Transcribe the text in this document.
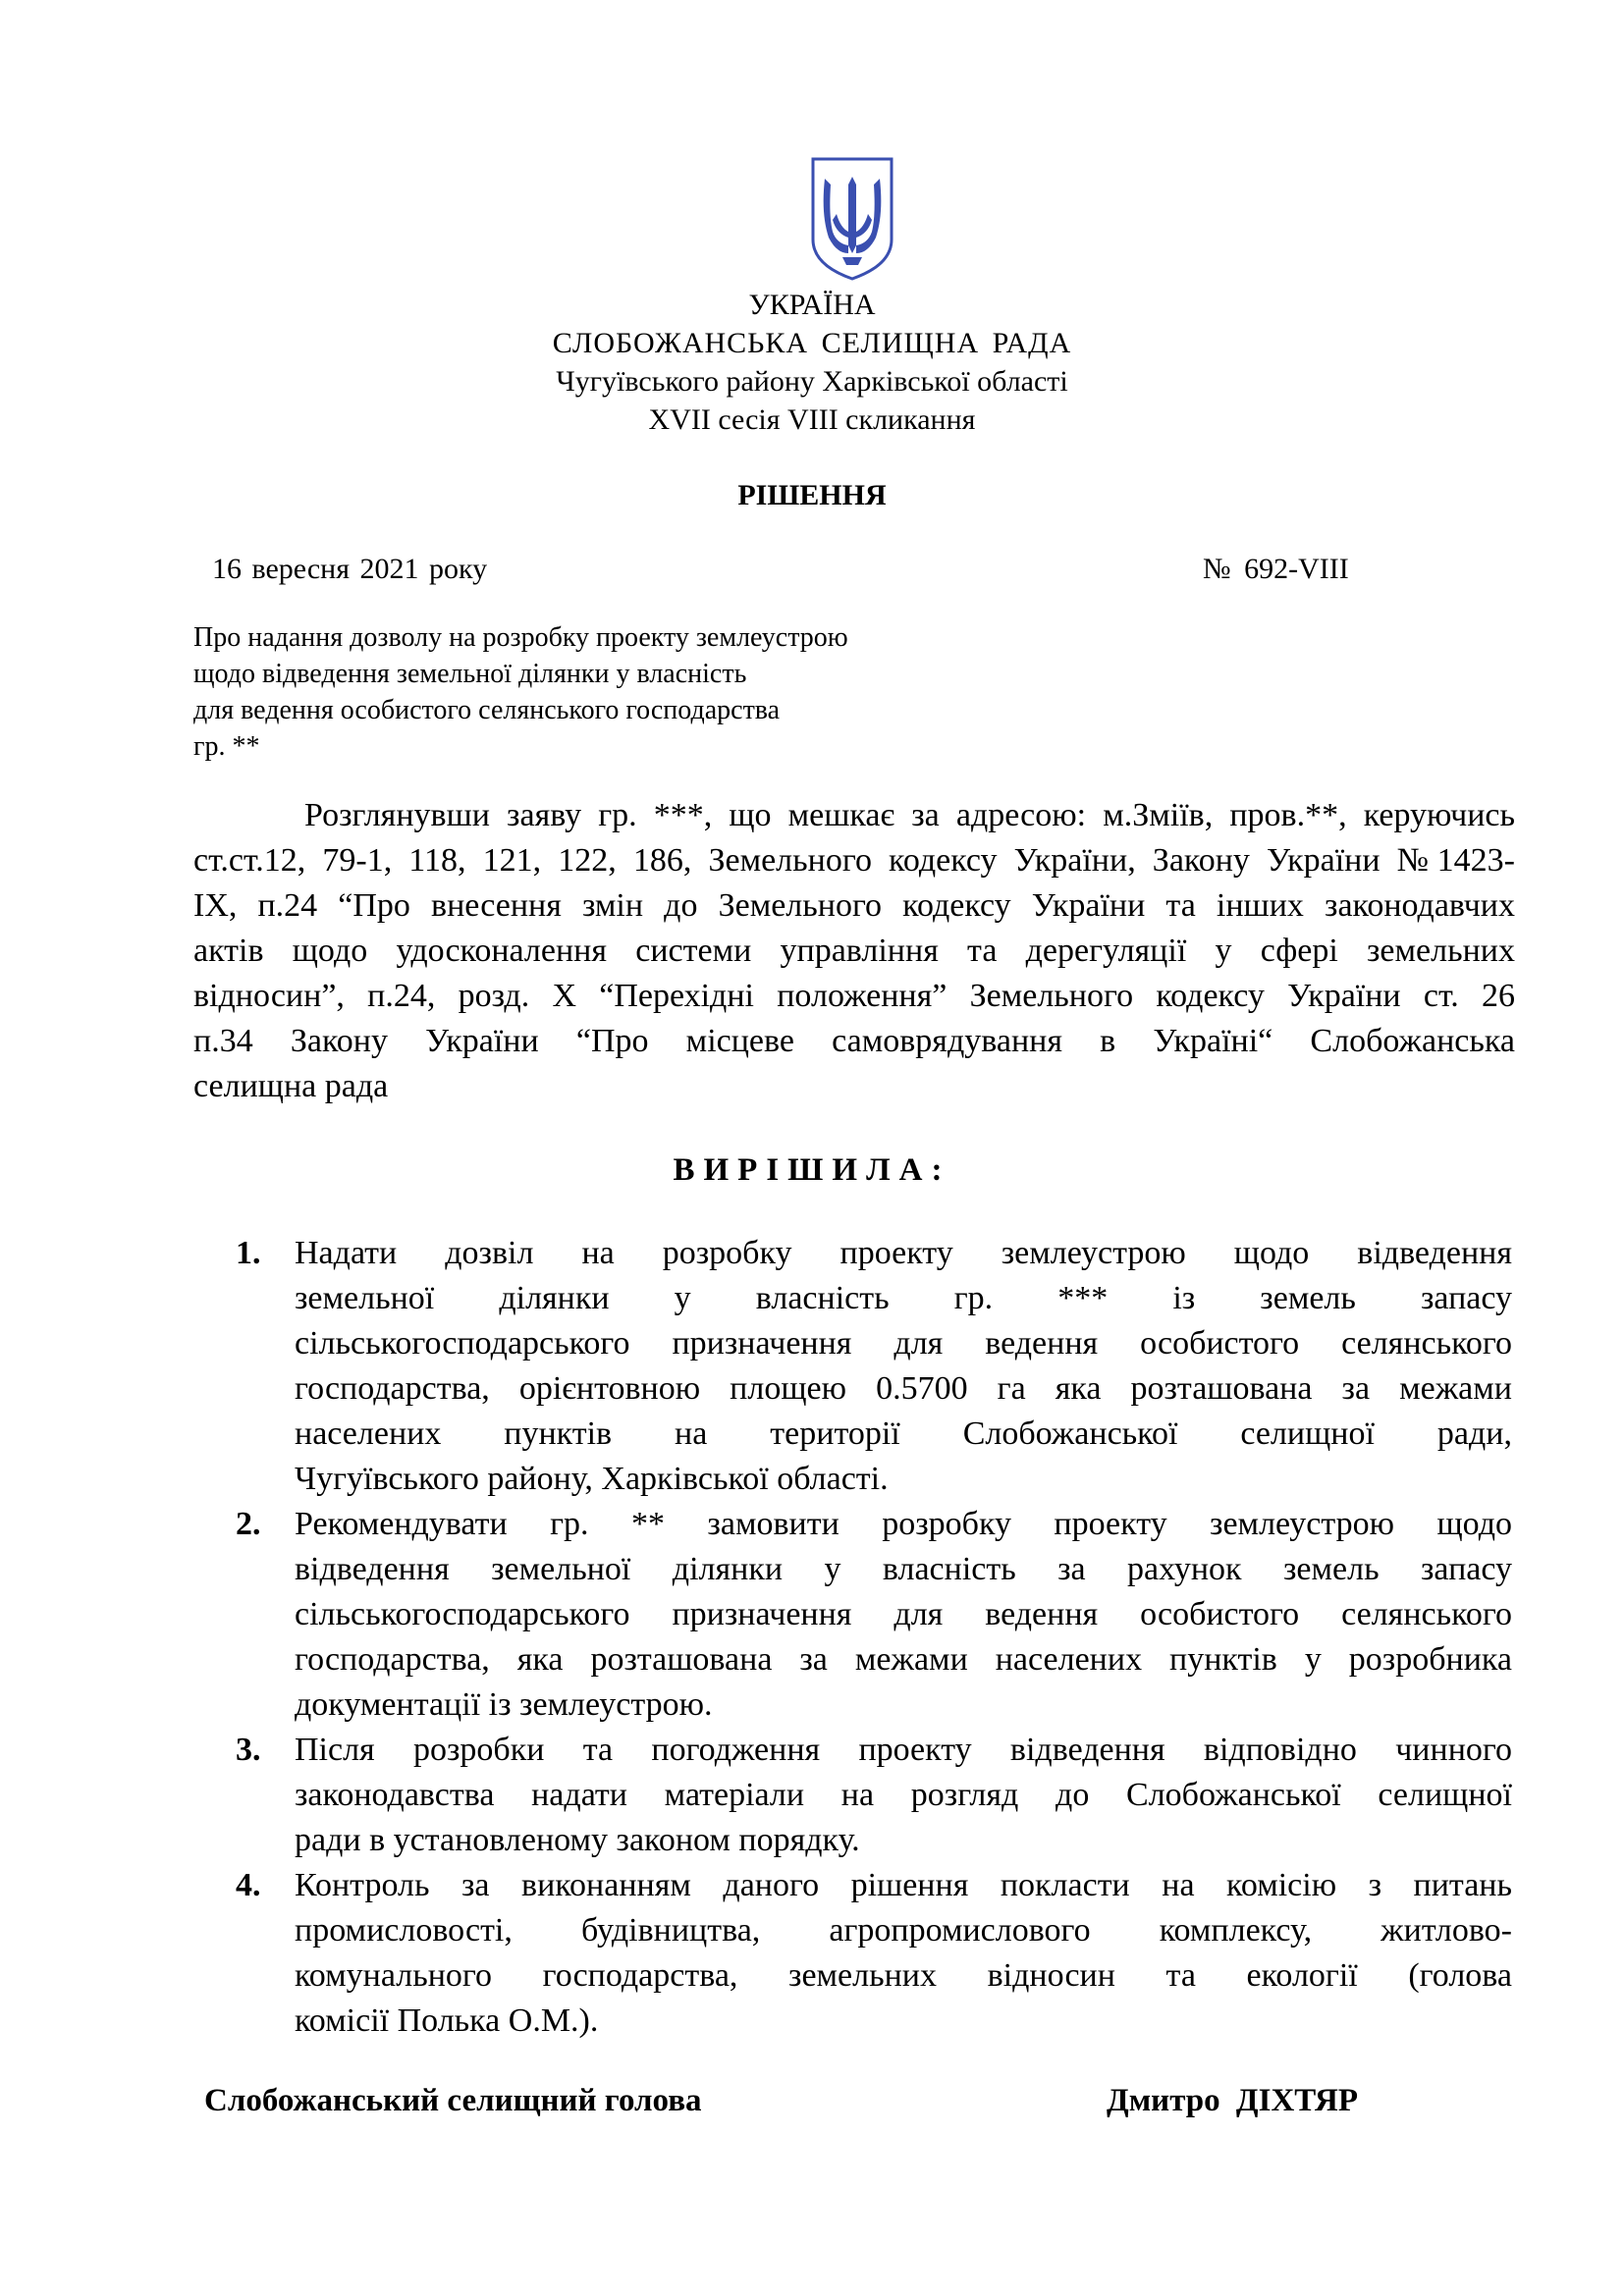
УКРАЇНА
СЛОБОЖАНСЬКА СЕЛИЩНА РАДА
Чугуївського району Харківської області
XVII сесія VIII скликання
РІШЕННЯ
16 вересня 2021 року	№ 692-VIII
Про надання дозволу на розробку проекту землеустрою
щодо відведення земельної ділянки у власність
для ведення особистого селянського господарства
гр. **
Розглянувши заяву гр. ***, що мешкає за адресою: м.Зміїв, пров.**, керуючись
ст.ст.12, 79-1, 118, 121, 122, 186, Земельного кодексу України, Закону України №1423-
ІХ, п.24 “Про внесення змін до Земельного кодексу України та інших законодавчих
актів щодо удосконалення системи управління та дерегуляції у сфері земельних
відносин”, п.24, розд. Х “Перехідні положення” Земельного кодексу України ст. 26
п.34 Закону України “Про місцеве самоврядування в Україні“ Слобожанська
селищна рада
ВИРІШИЛА:
1. Надати дозвіл на розробку проекту землеустрою щодо відведення
земельної ділянки у власність гр. *** із земель запасу
сільськогосподарського призначення для ведення особистого селянського
господарства, орієнтовною площею 0.5700 га яка розташована за межами
населених пунктів на території Слобожанської селищної ради,
Чугуївського району, Харківської області.
2. Рекомендувати гр. ** замовити розробку проекту землеустрою щодо
відведення земельної ділянки у власність за рахунок земель запасу
сільськогосподарського призначення для ведення особистого селянського
господарства, яка розташована за межами населених пунктів у розробника
документації із землеустрою.
3. Після розробки та погодження проекту відведення відповідно чинного
законодавства надати матеріали на розгляд до Слобожанської селищної
ради в установленому законом порядку.
4. Контроль за виконанням даного рішення покласти на комісію з питань
промисловості, будівництва, агропромислового комплексу, житлово-
комунального господарства, земельних відносин та екології (голова
комісії Полька О.М.).
Слобожанський селищний голова	Дмитро ДІХТЯР
